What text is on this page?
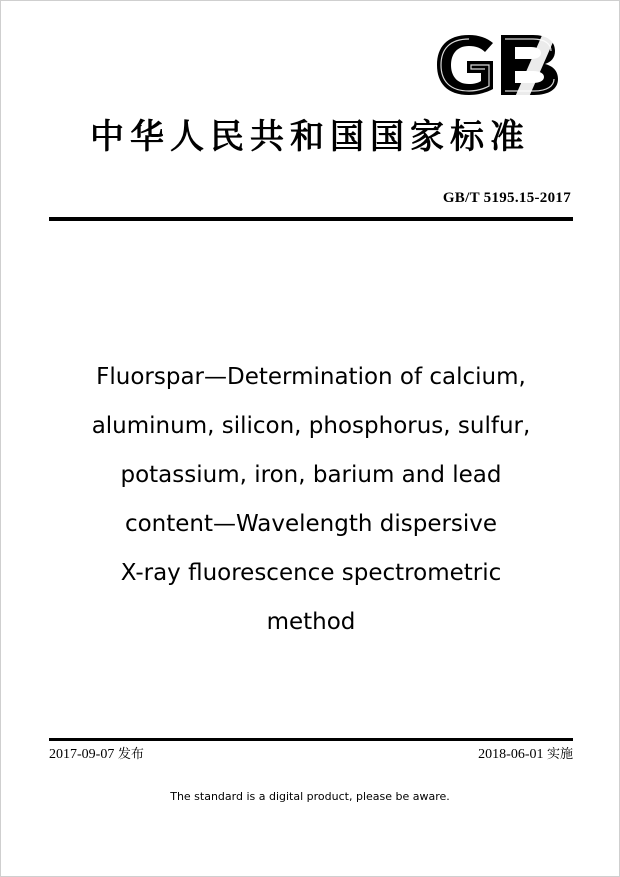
中华人民共和国国家标准
GB/T 5195.15-2017
Fluorspar—Determination of calcium,
aluminum, silicon, phosphorus, sulfur,
potassium, iron, barium and lead
content—Wavelength dispersive
X-ray fluorescence spectrometric
method
2017-09-07 发布	2018-06-01 实施
The standard is a digital product, please be aware.
